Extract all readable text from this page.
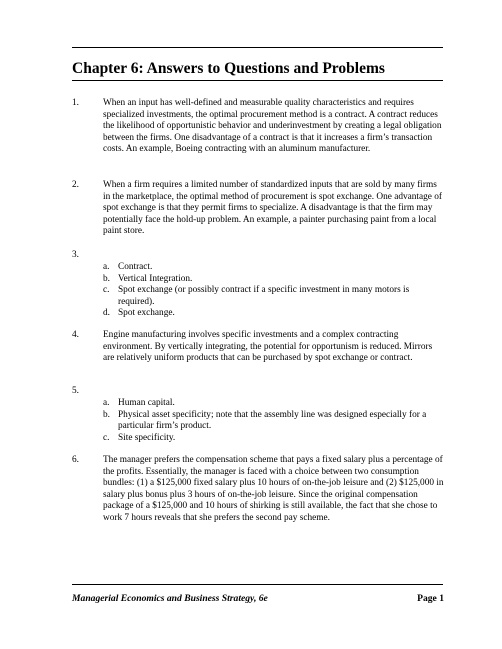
Chapter 6: Answers to Questions and Problems
1.	When an input has well-defined and measurable quality characteristics and requires specialized investments, the optimal procurement method is a contract. A contract reduces the likelihood of opportunistic behavior and underinvestment by creating a legal obligation between the firms. One disadvantage of a contract is that it increases a firm’s transaction costs. An example, Boeing contracting with an aluminum manufacturer.
2.	When a firm requires a limited number of standardized inputs that are sold by many firms in the marketplace, the optimal method of procurement is spot exchange. One advantage of spot exchange is that they permit firms to specialize. A disadvantage is that the firm may potentially face the hold-up problem. An example, a painter purchasing paint from a local paint store.
3.
a. Contract.
b. Vertical Integration.
c. Spot exchange (or possibly contract if a specific investment in many motors is required).
d. Spot exchange.
4.	Engine manufacturing involves specific investments and a complex contracting environment. By vertically integrating, the potential for opportunism is reduced. Mirrors are relatively uniform products that can be purchased by spot exchange or contract.
5.
a. Human capital.
b. Physical asset specificity; note that the assembly line was designed especially for a particular firm’s product.
c. Site specificity.
6.	The manager prefers the compensation scheme that pays a fixed salary plus a percentage of the profits. Essentially, the manager is faced with a choice between two consumption bundles: (1) a $125,000 fixed salary plus 10 hours of on-the-job leisure and (2) $125,000 in salary plus bonus plus 3 hours of on-the-job leisure. Since the original compensation package of a $125,000 and 10 hours of shirking is still available, the fact that she chose to work 7 hours reveals that she prefers the second pay scheme.
Managerial Economics and Business Strategy, 6e	Page 1
